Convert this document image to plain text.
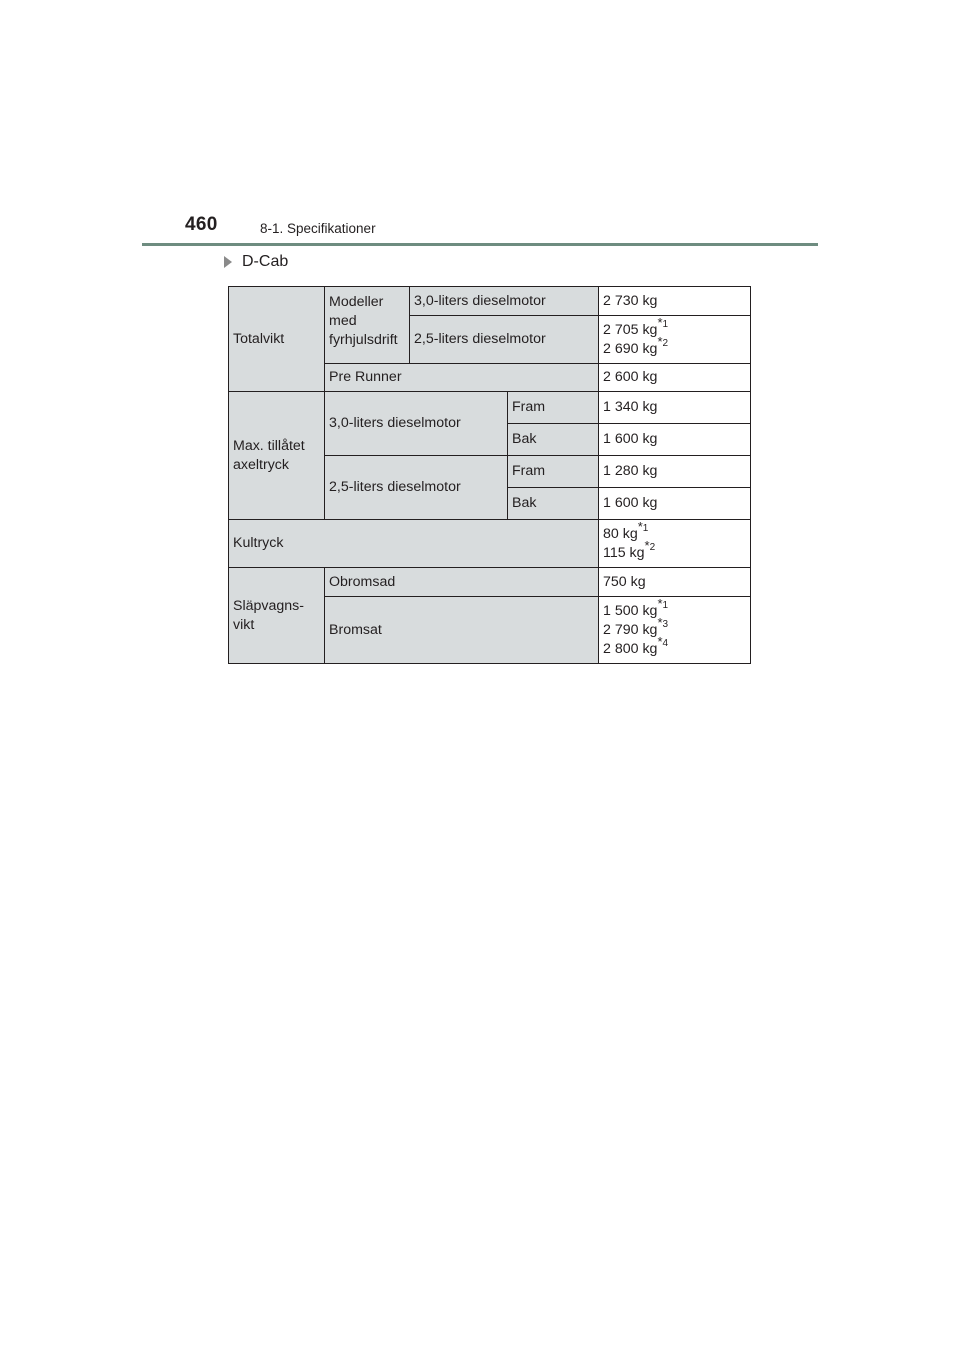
460	8-1. Specifikationer
D-Cab
Totalvikt	Modeller med fyrhjulsdrift	3,0-liters dieselmotor		2 730 kg
		2,5-liters dieselmotor		2 705 $kg^{*1}$
2 690 $kg^{*2}$

	Pre Runner			2 600 kg
Max. tillåtet axeltryck	3,0-liters dieselmotor		Fram	1 340 kg
			Bak	1 600 kg
	2,5-liters dieselmotor		Fram	1 280 kg
			Bak	1 600 kg
Kultryck				80 $kg^{*1}$
115 $kg^{*2}$

Släpvagns-
vikt	Obromsad			750 kg
	Bromsat			1 500 $kg^{*1}$
2 790 $kg^{*3}$
2 800 $kg^{*4}$
